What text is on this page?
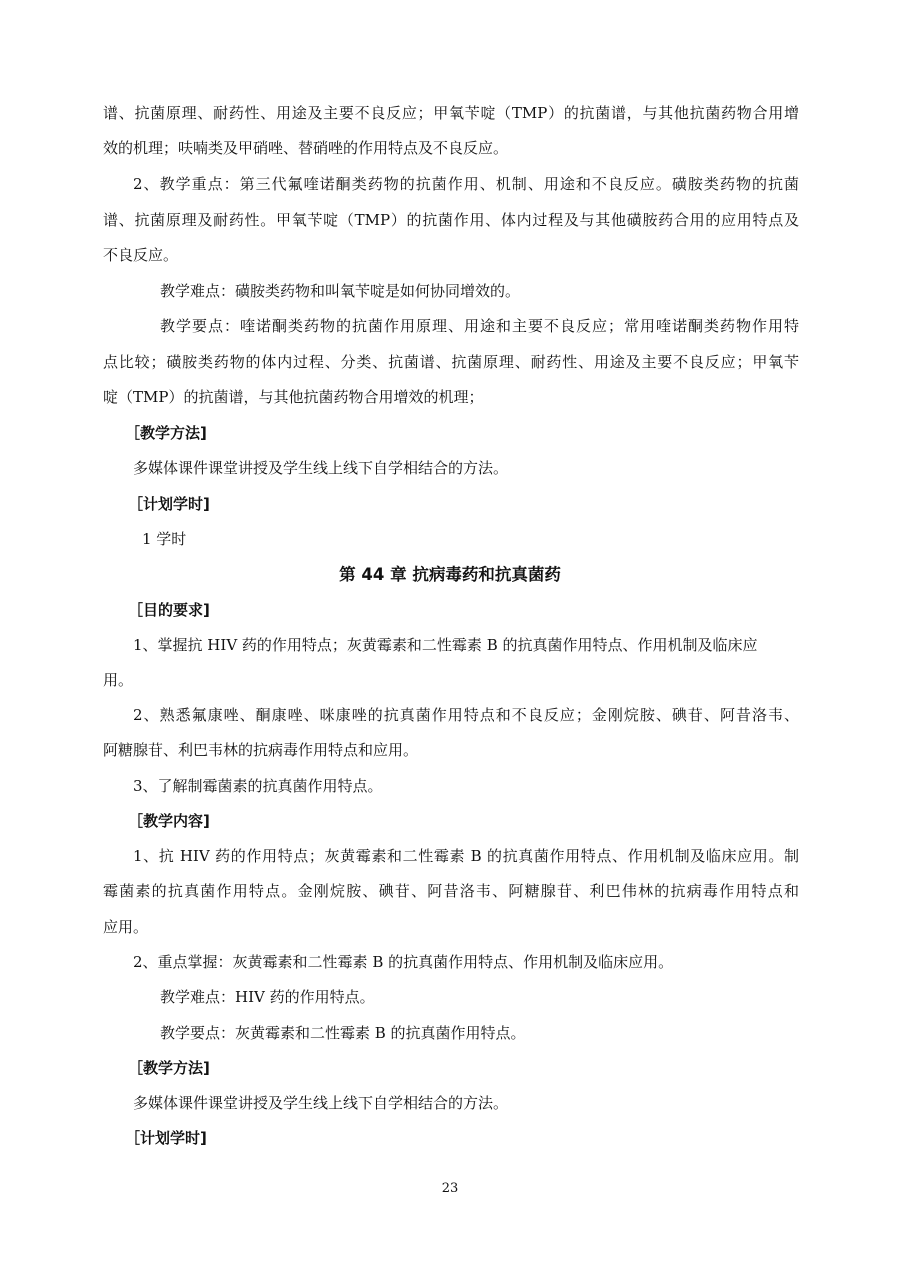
谱、抗菌原理、耐药性、用途及主要不良反应；甲氧苄啶（TMP）的抗菌谱，与其他抗菌药物合用增
效的机理；呋喃类及甲硝唑、替硝唑的作用特点及不良反应。
2、教学重点：第三代氟喹诺酮类药物的抗菌作用、机制、用途和不良反应。磺胺类药物的抗菌
谱、抗菌原理及耐药性。甲氧苄啶（TMP）的抗菌作用、体内过程及与其他磺胺药合用的应用特点及
不良反应。
教学难点：磺胺类药物和叫氧苄啶是如何协同增效的。
教学要点：喹诺酮类药物的抗菌作用原理、用途和主要不良反应；常用喹诺酮类药物作用特
点比较；磺胺类药物的体内过程、分类、抗菌谱、抗菌原理、耐药性、用途及主要不良反应；甲氧苄
啶（TMP）的抗菌谱，与其他抗菌药物合用增效的机理；
［教学方法]
多媒体课件课堂讲授及学生线上线下自学相结合的方法。
［计划学时]
1 学时
第 44 章 抗病毒药和抗真菌药
［目的要求]
1、掌握抗 HIV 药的作用特点；灰黄霉素和二性霉素 B 的抗真菌作用特点、作用机制及临床应
用。
2、熟悉氟康唑、酮康唑、咪康唑的抗真菌作用特点和不良反应；金刚烷胺、碘苷、阿昔洛韦、
阿糖腺苷、利巴韦林的抗病毒作用特点和应用。
3、了解制霉菌素的抗真菌作用特点。
［教学内容]
1、抗 HIV 药的作用特点；灰黄霉素和二性霉素 B 的抗真菌作用特点、作用机制及临床应用。制
霉菌素的抗真菌作用特点。金刚烷胺、碘苷、阿昔洛韦、阿糖腺苷、利巴伟林的抗病毒作用特点和
应用。
2、重点掌握：灰黄霉素和二性霉素 B 的抗真菌作用特点、作用机制及临床应用。
教学难点：HIV 药的作用特点。
教学要点：灰黄霉素和二性霉素 B 的抗真菌作用特点。
［教学方法]
多媒体课件课堂讲授及学生线上线下自学相结合的方法。
［计划学时]
23
